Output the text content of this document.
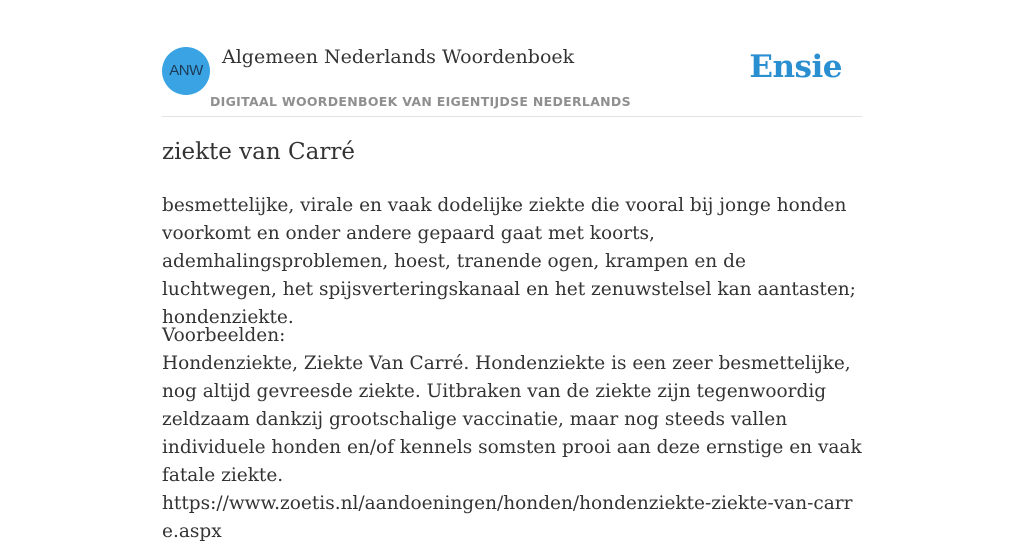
ANW
Algemeen Nederlands Woordenboek
DIGITAAL WOORDENBOEK VAN EIGENTIJDSE NEDERLANDS
Ensie
ziekte van Carré

besmettelijke, virale en vaak dodelijke ziekte die vooral bij jonge honden voorkomt en onder andere gepaard gaat met koorts, ademhalingsproblemen, hoest, tranende ogen, krampen en de luchtwegen, het spijsverteringskanaal en het zenuwstelsel kan aantasten; hondenziekte.

Voorbeelden:
Hondenziekte, Ziekte Van Carré. Hondenziekte is een zeer besmettelijke, nog altijd gevreesde ziekte. Uitbraken van de ziekte zijn tegenwoordig zeldzaam dankzij grootschalige vaccinatie, maar nog steeds vallen individuele honden en/of kennels somsten prooi aan deze ernstige en vaak fatale ziekte.
https://www.zoetis.nl/aandoeningen/honden/hondenziekte-ziekte-van-carre.aspx
